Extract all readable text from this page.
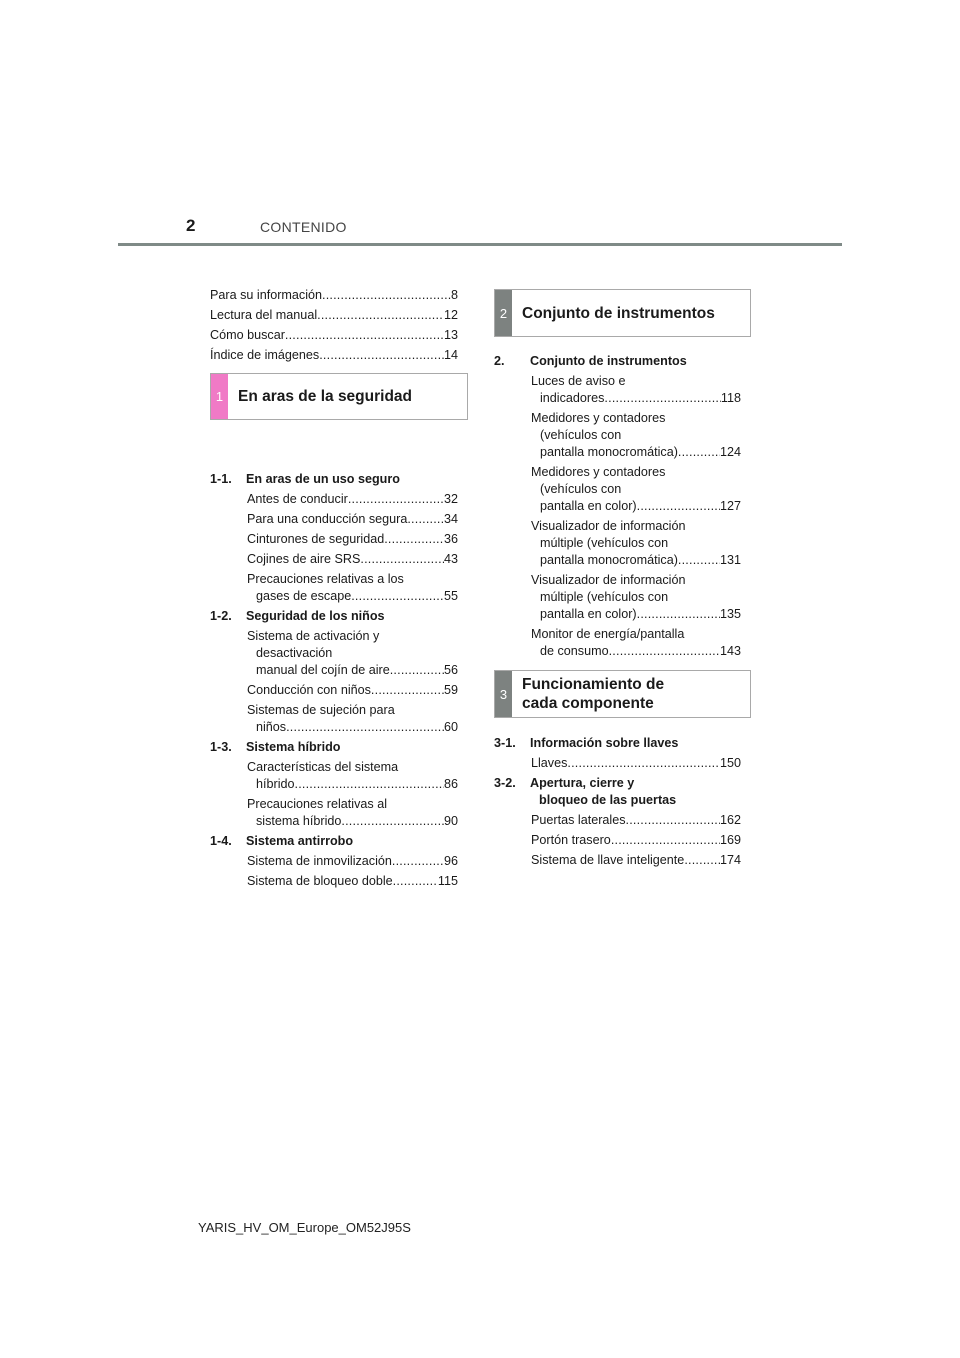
2	CONTENIDO
Para su información .....	8
Lectura del manual .....	12
Cómo buscar .....	13
Índice de imágenes .....	14
1-1.	En aras de un uso seguro
Antes de conducir .....	32
Para una conducción segura .....	34
Cinturones de seguridad .....	36
Cojines de aire SRS .....	43
Precauciones relativas a los
gases de escape .....	55
1-2.	Seguridad de los niños
Sistema de activación y
desactivación
manual del cojín de aire .....	56
Conducción con niños .....	59
Sistemas de sujeción para
niños .....	60
1-3.	Sistema híbrido
Características del sistema
híbrido .....	86
Precauciones relativas al
sistema híbrido .....	90
1-4.	Sistema antirrobo
Sistema de inmovilización .....	96
Sistema de bloqueo doble .....	115
1 En aras de la seguridad
2 Conjunto de instrumentos
2.	Conjunto de instrumentos
Luces de aviso e
indicadores .....	118
Medidores y contadores
(vehículos con
pantalla monocromática) .....	124
Medidores y contadores
(vehículos con
pantalla en color) .....	127
Visualizador de información
múltiple (vehículos con
pantalla monocromática) .....	131
Visualizador de información
múltiple (vehículos con
pantalla en color) .....	135
Monitor de energía/pantalla
de consumo .....	143
3-1.	Información sobre llaves
Llaves .....	150
3-2.	Apertura, cierre y
bloqueo de las puertas
Puertas laterales .....	162
Portón trasero .....	169
Sistema de llave inteligente .....	174
3
Funcionamiento de
cada componente
YARIS_HV_OM_Europe_OM52J95S
